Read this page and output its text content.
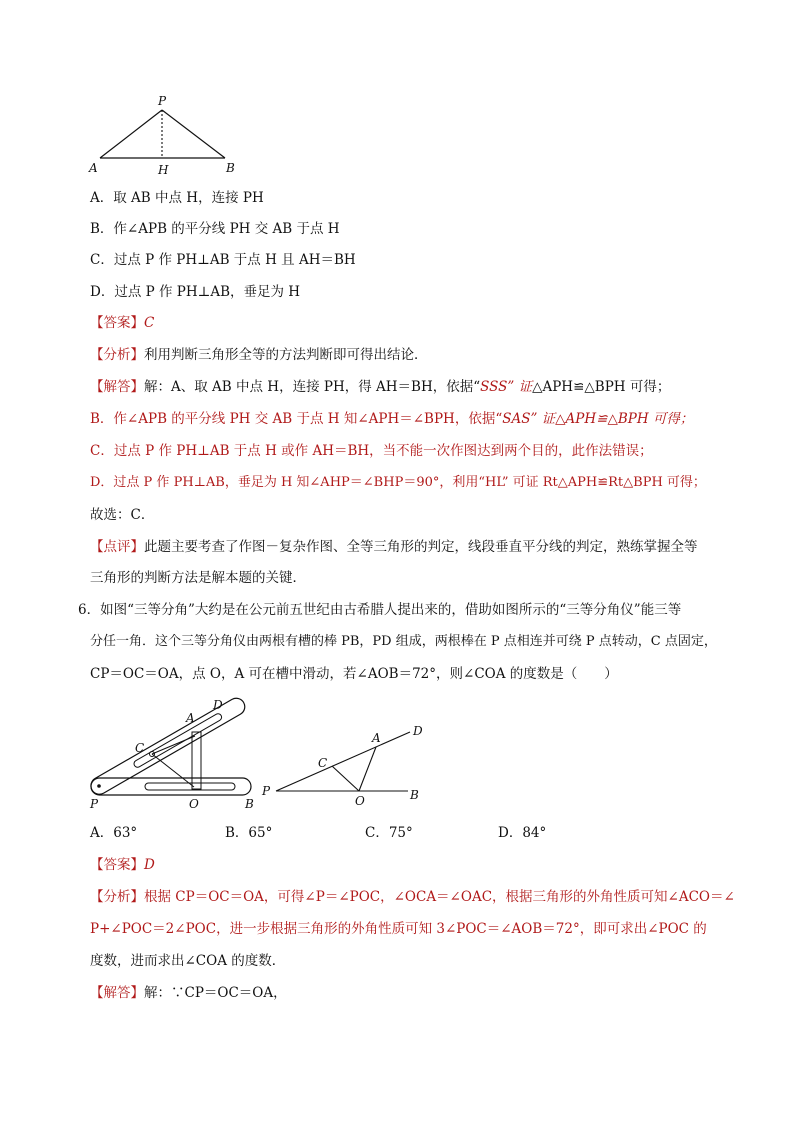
P
A	H	B
A．取 AB 中点 H，连接 PH
B．作∠APB 的平分线 PH 交 AB 于点 H
C．过点 P 作 PH⊥AB 于点 H 且 AH＝BH
D．过点 P 作 PH⊥AB，垂足为 H
【答案】C
【分析】利用判断三角形全等的方法判断即可得出结论．
【解答】解：A、取 AB 中点 H，连接 PH，得 AH＝BH，依据“SSS” 证△APH≌△BPH 可得；
B．作∠APB 的平分线 PH 交 AB 于点 H 知∠APH＝∠BPH，依据“SAS” 证△APH≌△BPH 可得；
C．过点 P 作 PH⊥AB 于点 H 或作 AH＝BH，当不能一次作图达到两个目的，此作法错误；
D．过点 P 作 PH⊥AB，垂足为 H 知∠AHP＝∠BHP＝90°，利用“HL” 可证 Rt△APH≌Rt△BPH 可得；
故选：C．
【点评】此题主要考查了作图－复杂作图、全等三角形的判定，线段垂直平分线的判定，熟练掌握全等
三角形的判断方法是解本题的关键．
6．如图“三等分角”大约是在公元前五世纪由古希腊人提出来的，借助如图所示的“三等分角仪”能三等
分任一角．这个三等分角仪由两根有槽的棒 PB，PD 组成，两根棒在 P 点相连并可绕 P 点转动，C 点固定，
CP＝OC＝OA，点 O，A 可在槽中滑动，若∠AOB＝72°，则∠COA 的度数是（　　）
D
A
C
P	O	B
D
A
C
P
O	B
A．63°	B．65°	C．75°	D．84°
【答案】D
【分析】根据 CP＝OC＝OA，可得∠P＝∠POC，∠OCA＝∠OAC，根据三角形的外角性质可知∠ACO＝∠
P+∠POC＝2∠POC，进一步根据三角形的外角性质可知 3∠POC＝∠AOB＝72°，即可求出∠POC 的
度数，进而求出∠COA 的度数．
【解答】解：∵CP＝OC＝OA，
